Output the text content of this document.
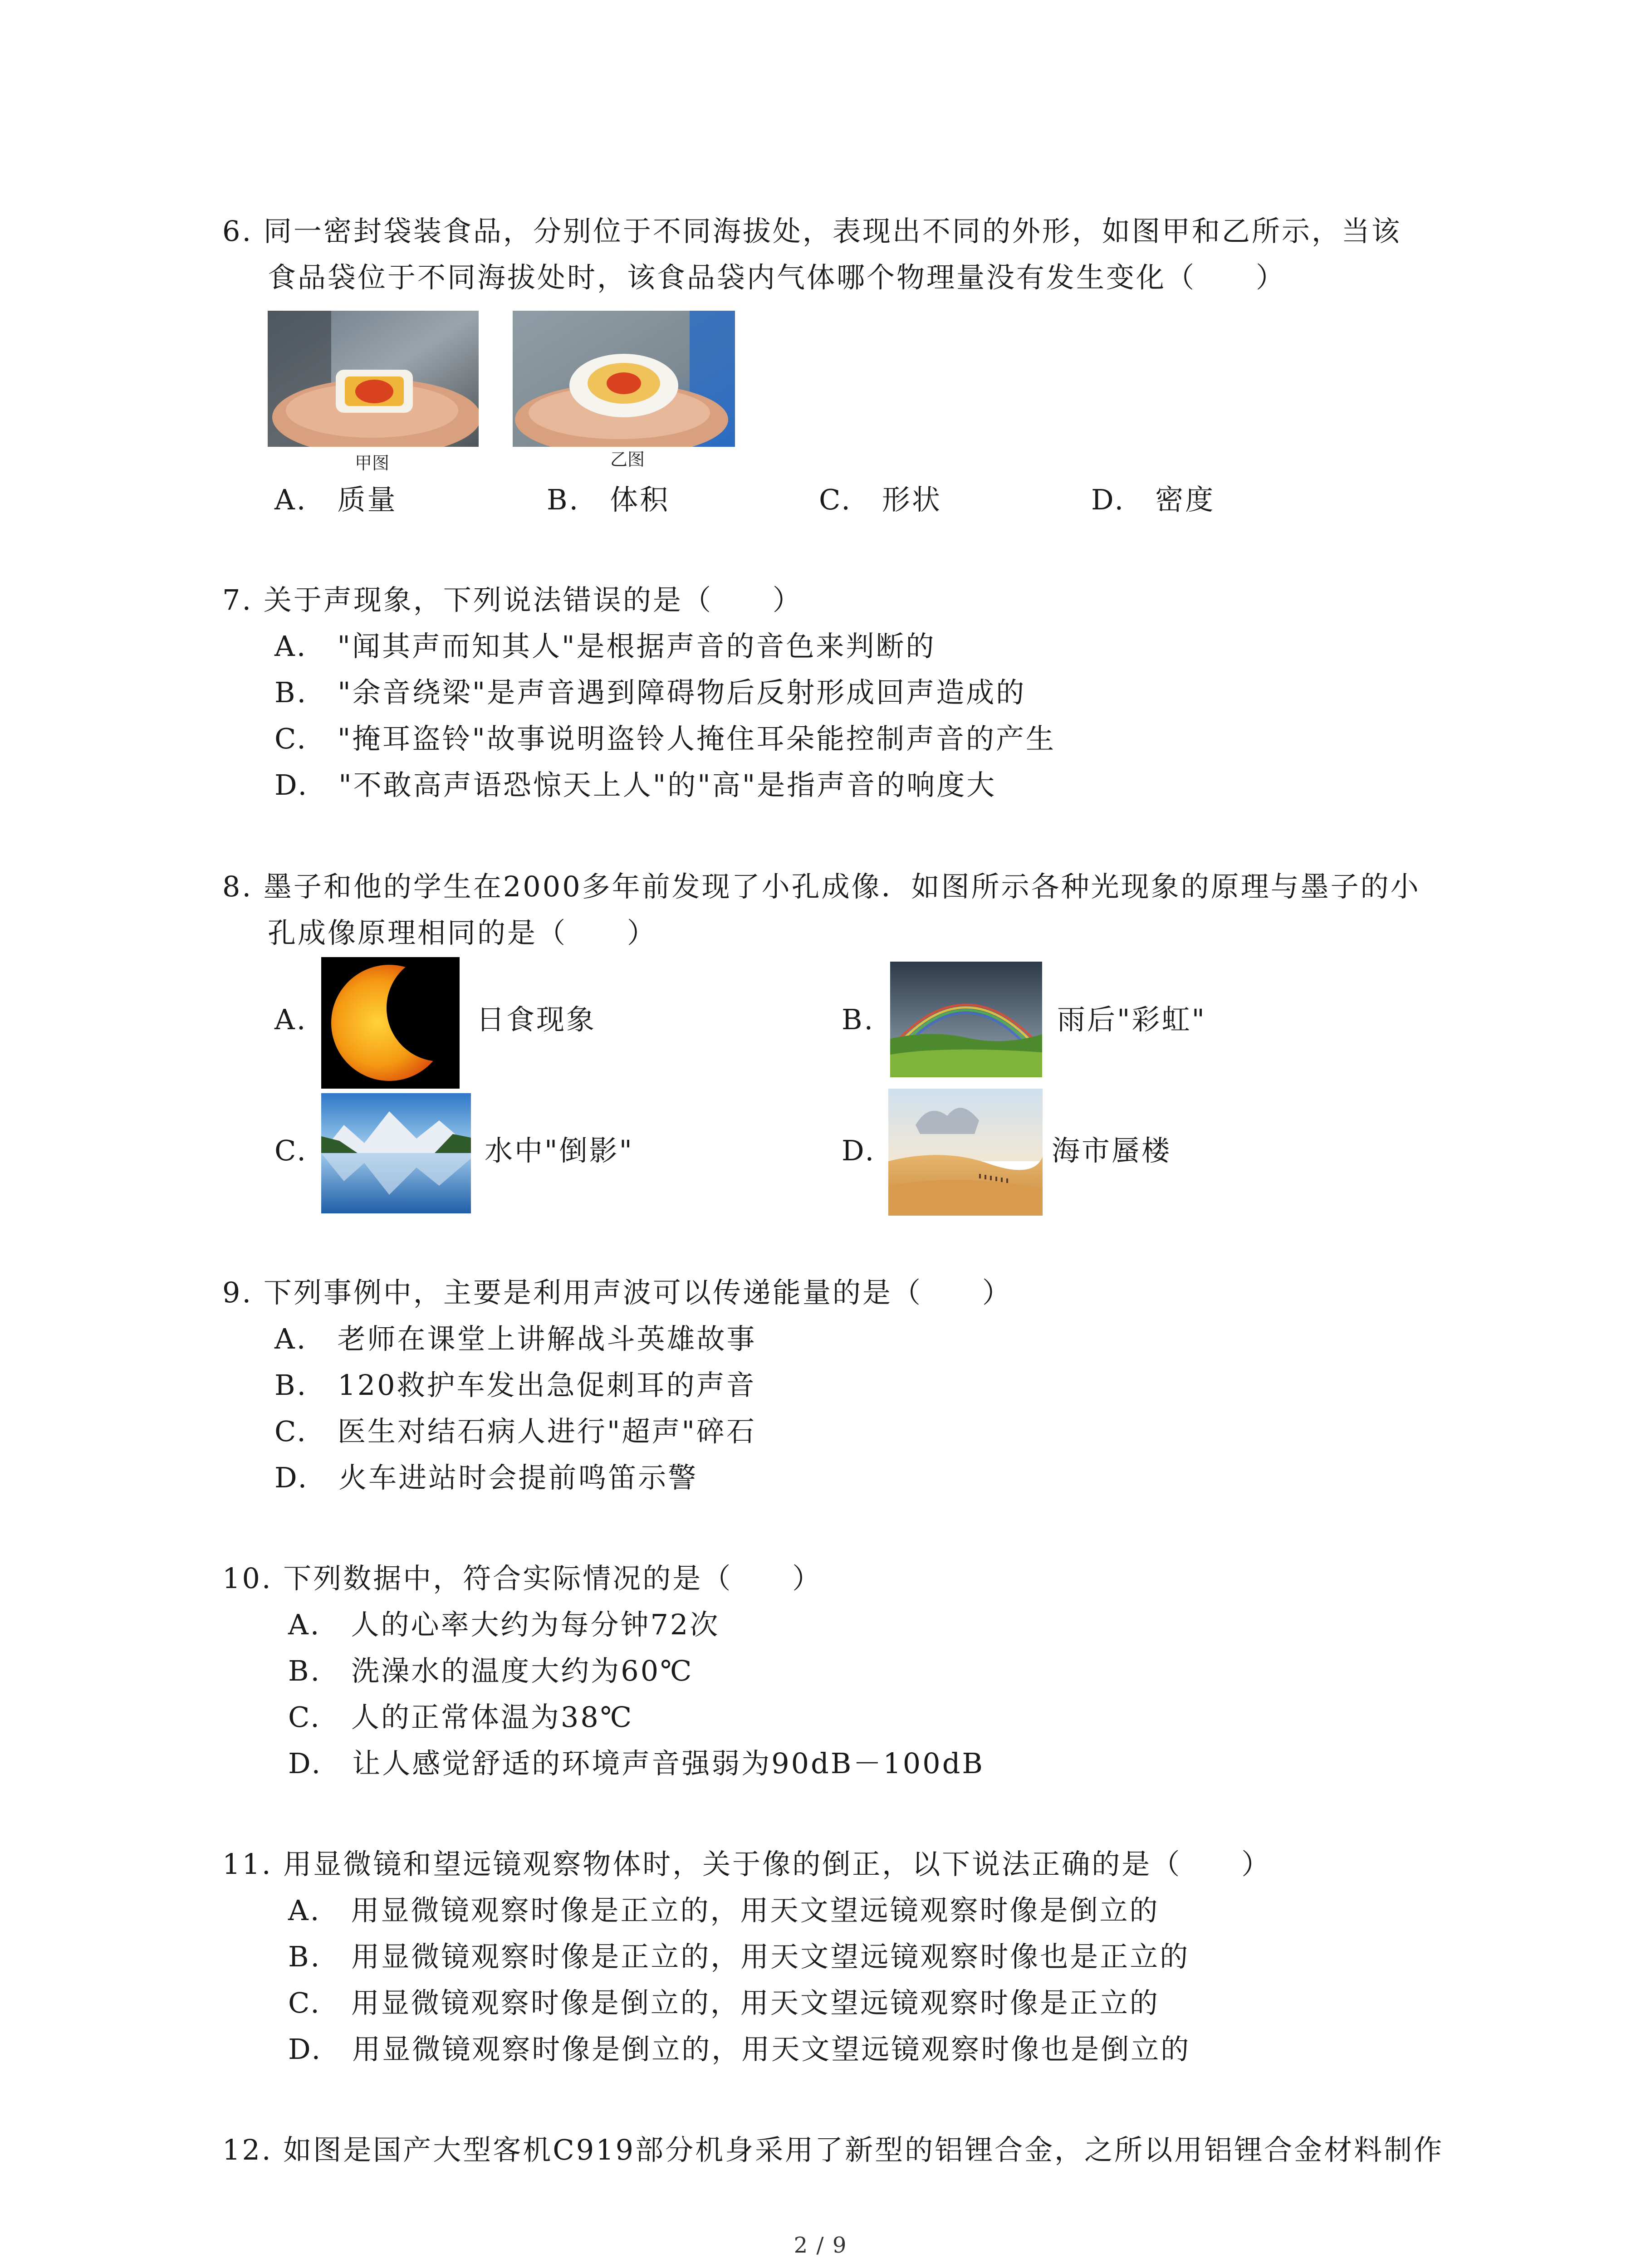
6. 同一密封袋装食品，分别位于不同海拔处，表现出不同的外形，如图甲和乙所示，当该
食品袋位于不同海拔处时，该食品袋内气体哪个物理量没有发生变化（　　）
甲图	乙图
A.　质量	B.　体积	C.　形状	D.　密度
7. 关于声现象，下列说法错误的是（　　）
A.　"闻其声而知其人"是根据声音的音色来判断的
B.　"余音绕梁"是声音遇到障碍物后反射形成回声造成的
C.　"掩耳盗铃"故事说明盗铃人掩住耳朵能控制声音的产生
D.　"不敢高声语恐惊天上人"的"高"是指声音的响度大
8. 墨子和他的学生在2000多年前发现了小孔成像．如图所示各种光现象的原理与墨子的小
孔成像原理相同的是（　　）
A.	日食现象	B.	雨后"彩虹"
C.	水中"倒影"	D.	海市蜃楼
9. 下列事例中，主要是利用声波可以传递能量的是（　　）
A.　老师在课堂上讲解战斗英雄故事
B.　120救护车发出急促刺耳的声音
C.　医生对结石病人进行"超声"碎石
D.　火车进站时会提前鸣笛示警
10. 下列数据中，符合实际情况的是（　　）
A.　人的心率大约为每分钟72次
B.　洗澡水的温度大约为60℃
C.　人的正常体温为38℃
D.　让人感觉舒适的环境声音强弱为90dB－100dB
11. 用显微镜和望远镜观察物体时，关于像的倒正，以下说法正确的是（　　）
A.　用显微镜观察时像是正立的，用天文望远镜观察时像是倒立的
B.　用显微镜观察时像是正立的，用天文望远镜观察时像也是正立的
C.　用显微镜观察时像是倒立的，用天文望远镜观察时像是正立的
D.　用显微镜观察时像是倒立的，用天文望远镜观察时像也是倒立的
12. 如图是国产大型客机C919部分机身采用了新型的铝锂合金，之所以用铝锂合金材料制作
2 / 9
